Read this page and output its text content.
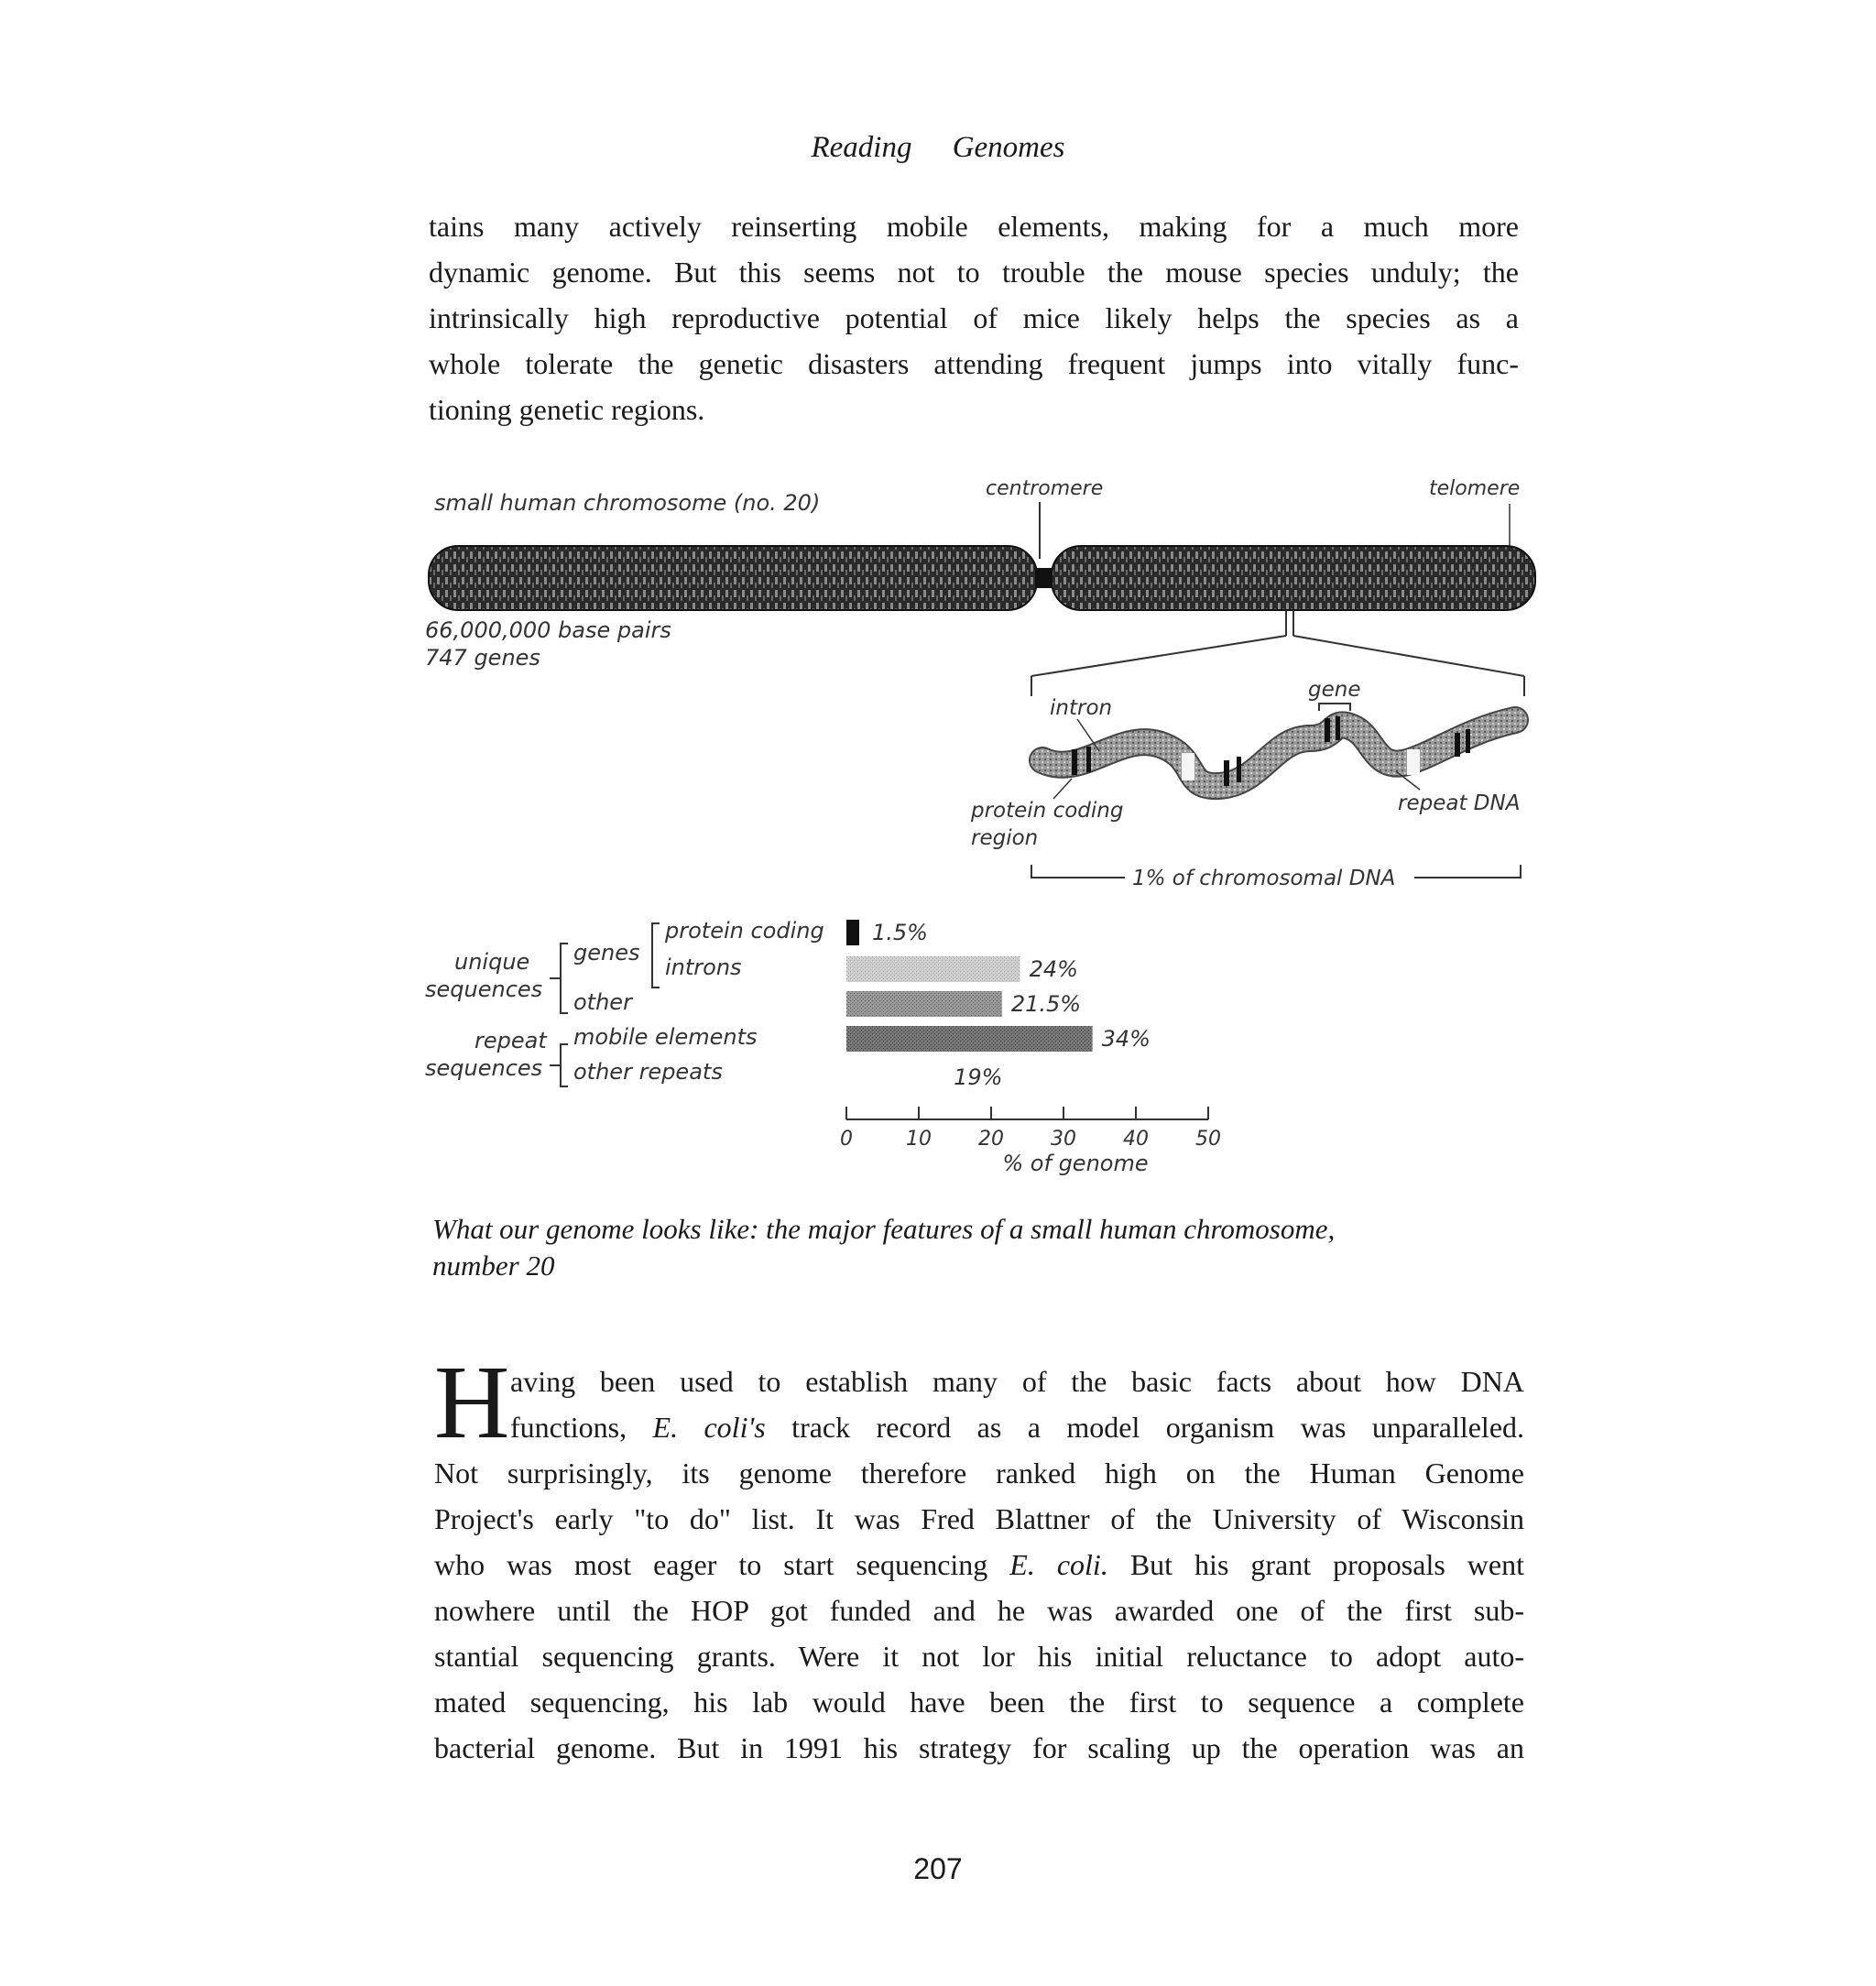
Reading Genomes
tains many actively reinserting mobile elements, making for a much more
dynamic genome. But this seems not to trouble the mouse species unduly; the
intrinsically high reproductive potential of mice likely helps the species as a
whole tolerate the genetic disasters attending frequent jumps into vitally func-
tioning genetic regions.
small human chromosome (no. 20)
centromere	telomere
66,000,000 base pairs
747 genes
intron
gene
protein coding
region
repeat DNA
1% of chromosomal DNA
unique
sequences
repeat
sequences
genes
protein coding 1.5%
introns	24%
other	21.5%
mobile elements	34%
other repeats	19%
0	10 20 30 40 50
% of genome
What our genome looks like: the major features of a small human chromosome,
number 20
H aving been used to establish many of the basic facts about how DNA
functions, E. coli's track record as a model organism was unparalleled.
Not surprisingly, its genome therefore ranked high on the Human Genome
Project's early "to do" list. It was Fred Blattner of the University of Wisconsin
who was most eager to start sequencing E. coli. But his grant proposals went
nowhere until the HOP got funded and he was awarded one of the first sub-
stantial sequencing grants. Were it not lor his initial reluctance to adopt auto-
mated sequencing, his lab would have been the first to sequence a complete
bacterial genome. But in 1991 his strategy for scaling up the operation was an
207
